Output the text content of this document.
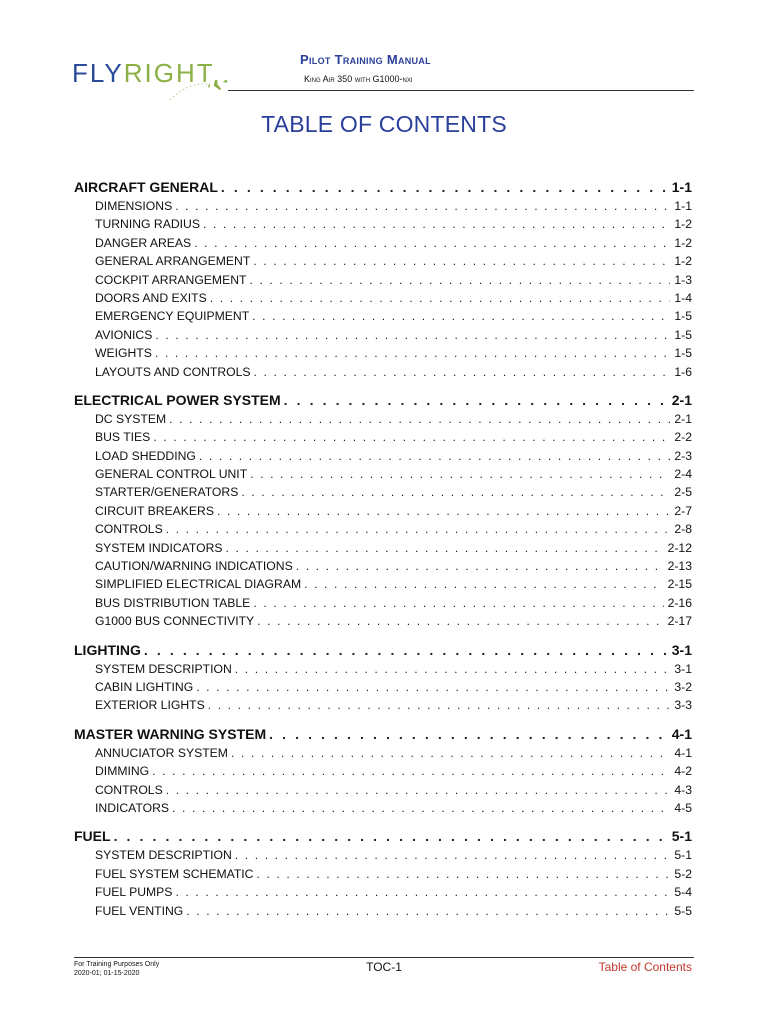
FLYRIGHT	Pilot Training Manual
King Air 350 with G1000-nxi
TABLE OF CONTENTS
AIRCRAFT GENERAL . . .	1-1
DIMENSIONS . . .	1-1
TURNING RADIUS . . .	1-2
DANGER AREAS . . .	1-2
GENERAL ARRANGEMENT . . .	1-2
COCKPIT ARRANGEMENT . . .	1-3
DOORS AND EXITS . . .	1-4
EMERGENCY EQUIPMENT . . .	1-5
AVIONICS . . .	1-5
WEIGHTS . . .	1-5
LAYOUTS AND CONTROLS . . .	1-6
ELECTRICAL POWER SYSTEM . . .	2-1
DC SYSTEM . . .	2-1
BUS TIES . . .	2-2
LOAD SHEDDING . . .	2-3
GENERAL CONTROL UNIT . . .	2-4
STARTER/GENERATORS . . .	2-5
CIRCUIT BREAKERS . . .	2-7
CONTROLS . . .	2-8
SYSTEM INDICATORS . . .	2-12
CAUTION/WARNING INDICATIONS . . .	2-13
SIMPLIFIED ELECTRICAL DIAGRAM . . .	2-15
BUS DISTRIBUTION TABLE . . .	2-16
G1000 BUS CONNECTIVITY . . .	2-17
LIGHTING . . .	3-1
SYSTEM DESCRIPTION . . .	3-1
CABIN LIGHTING . . .	3-2
EXTERIOR LIGHTS . . .	3-3
MASTER WARNING SYSTEM . . .	4-1
ANNUCIATOR SYSTEM . . .	4-1
DIMMING . . .	4-2
CONTROLS . . .	4-3
INDICATORS . . .	4-5
FUEL . . .	5-1
SYSTEM DESCRIPTION . . .	5-1
FUEL SYSTEM SCHEMATIC . . .	5-2
FUEL PUMPS . . .	5-4
FUEL VENTING . . .	5-5
For Training Purposes Only
2020-01; 01-15-2020	TOC-1	Table of Contents
